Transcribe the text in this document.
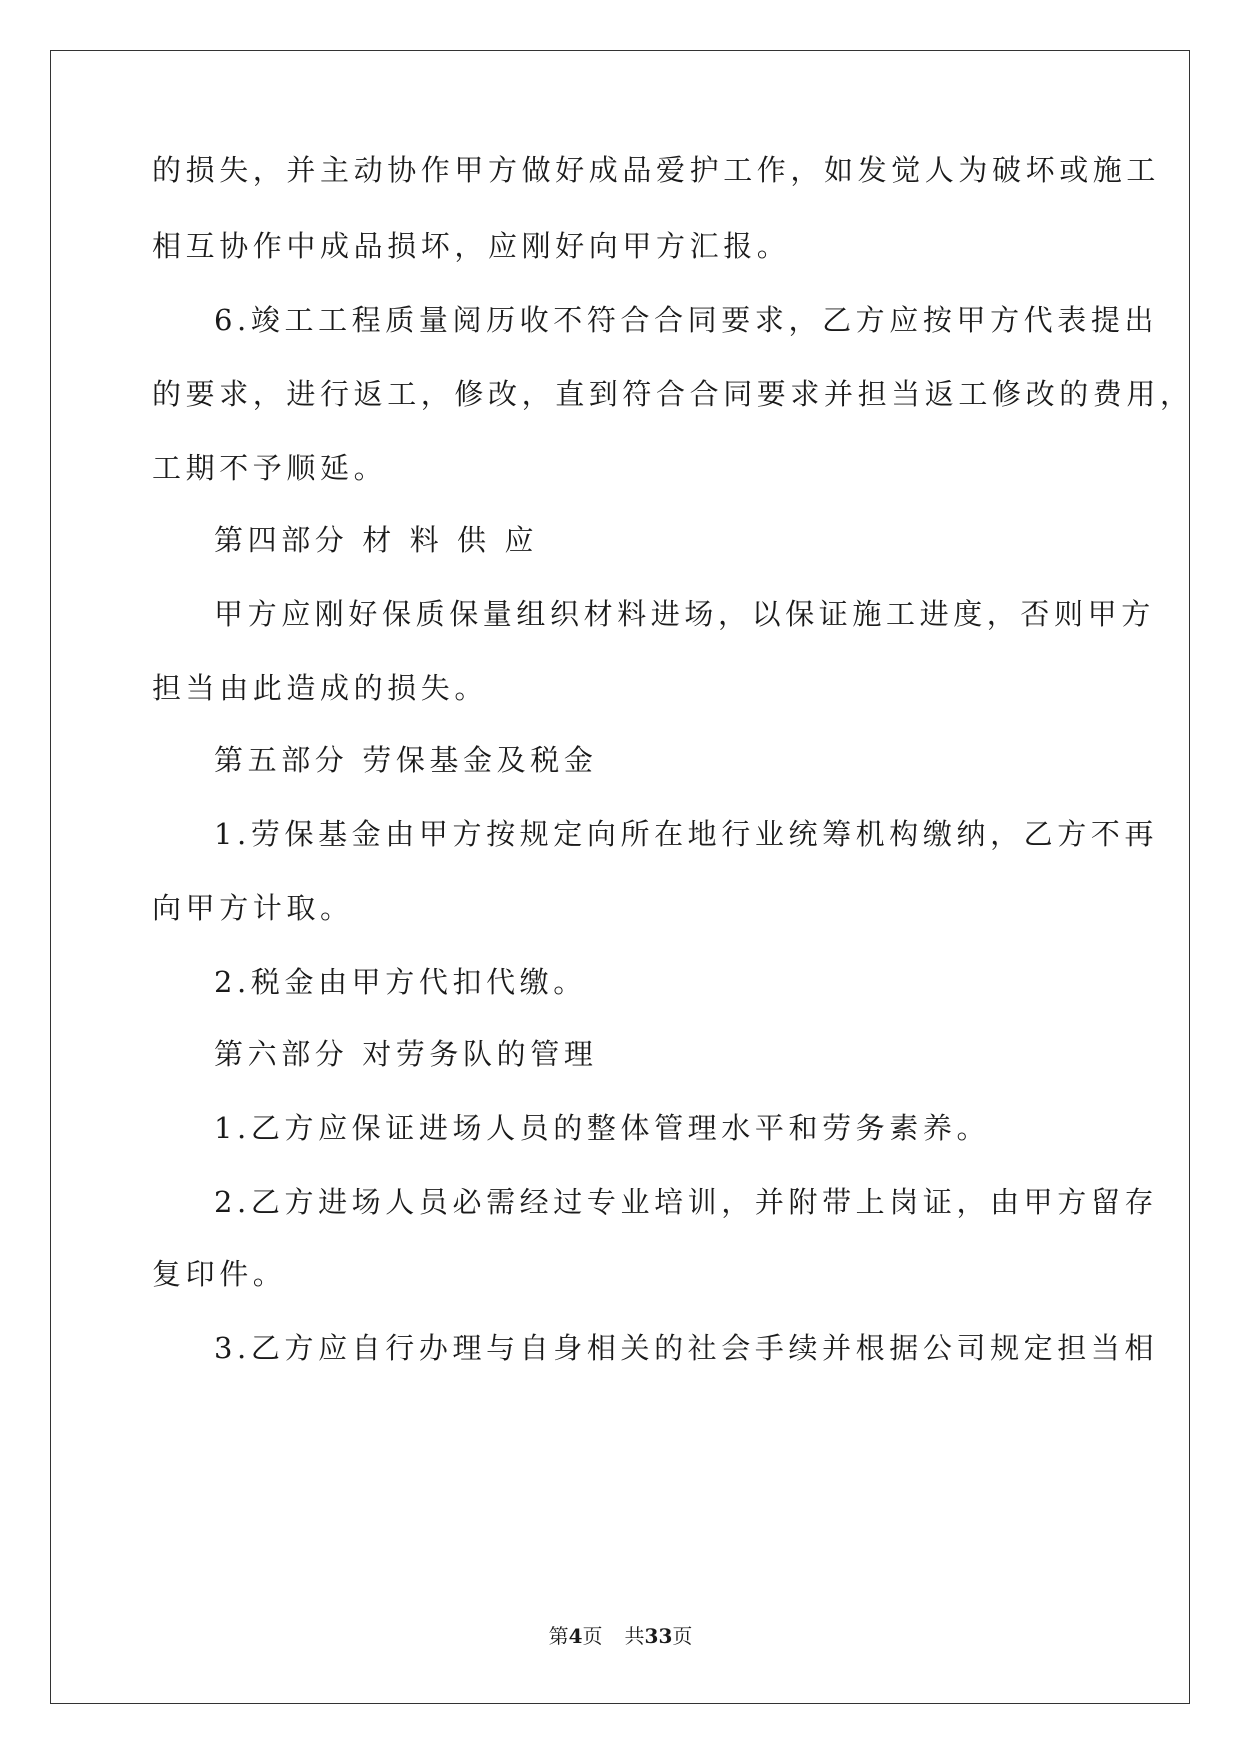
的损失，并主动协作甲方做好成品爱护工作，如发觉人为破坏或施工
相互协作中成品损坏，应刚好向甲方汇报。
6.竣工工程质量阅历收不符合合同要求，乙方应按甲方代表提出
的要求，进行返工，修改，直到符合合同要求并担当返工修改的费用，
工期不予顺延。
第四部分 材 料 供 应
甲方应刚好保质保量组织材料进场，以保证施工进度，否则甲方
担当由此造成的损失。
第五部分 劳保基金及税金
1.劳保基金由甲方按规定向所在地行业统筹机构缴纳，乙方不再
向甲方计取。
2.税金由甲方代扣代缴。
第六部分 对劳务队的管理
1.乙方应保证进场人员的整体管理水平和劳务素养。
2.乙方进场人员必需经过专业培训，并附带上岗证，由甲方留存
复印件。
3.乙方应自行办理与自身相关的社会手续并根据公司规定担当相
第4页 共33页
